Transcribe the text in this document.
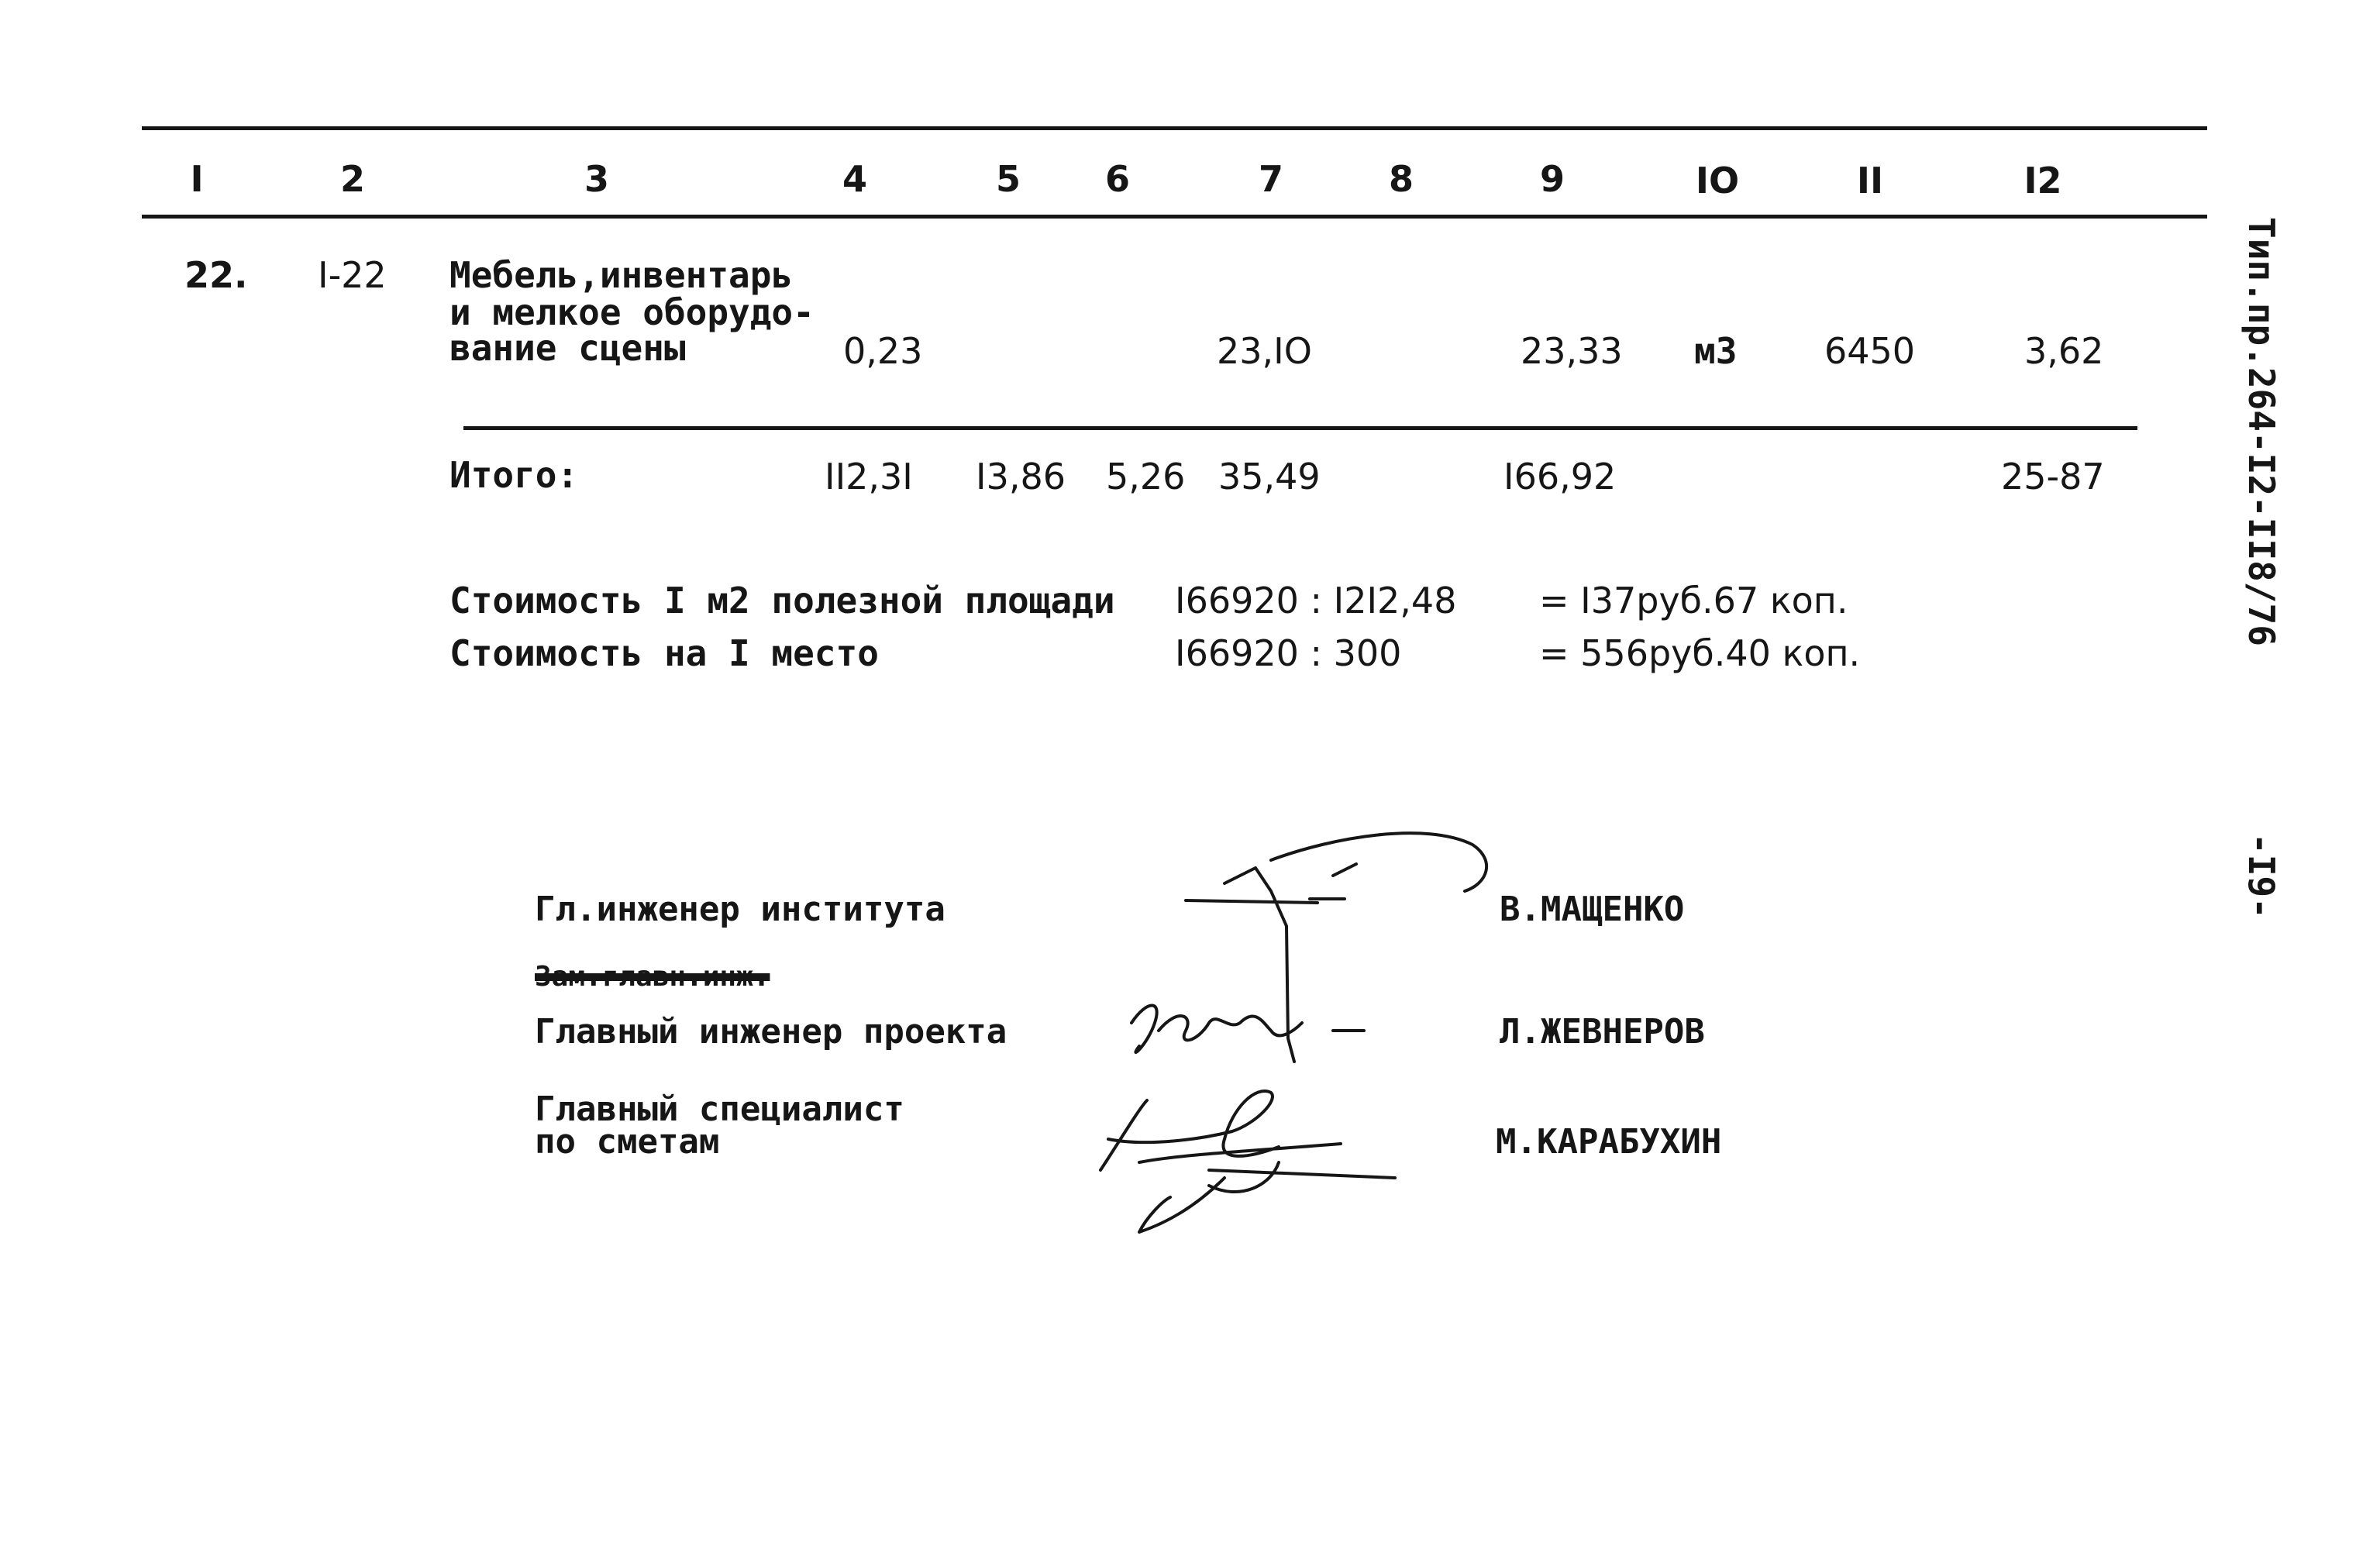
I	2	3	4	5 6	7	8	9	IO	II	I2
22. I-22 Мебель,инвентарь
и мелкое оборудо-
вание сцены	0,23	23,IO	23,33 м3 6450	3,62
Итого:	II2,3I I3,86 5,26 35,49	I66,92	25-87
Стоимость I м2 полезной площади I66920 : I2I2,48 = I37руб.67 коп.
Стоимость на I место	I66920 : 300	= 556руб.40 коп.
Гл.инженер института	В.МАЩЕНКО
Зам.главн.инж.
Главный инженер проекта	Л.ЖЕВНЕРОВ
Главный специалист
по сметам	М.КАРАБУХИН
Тип.пр.264-I2-II8/76
-I9-
